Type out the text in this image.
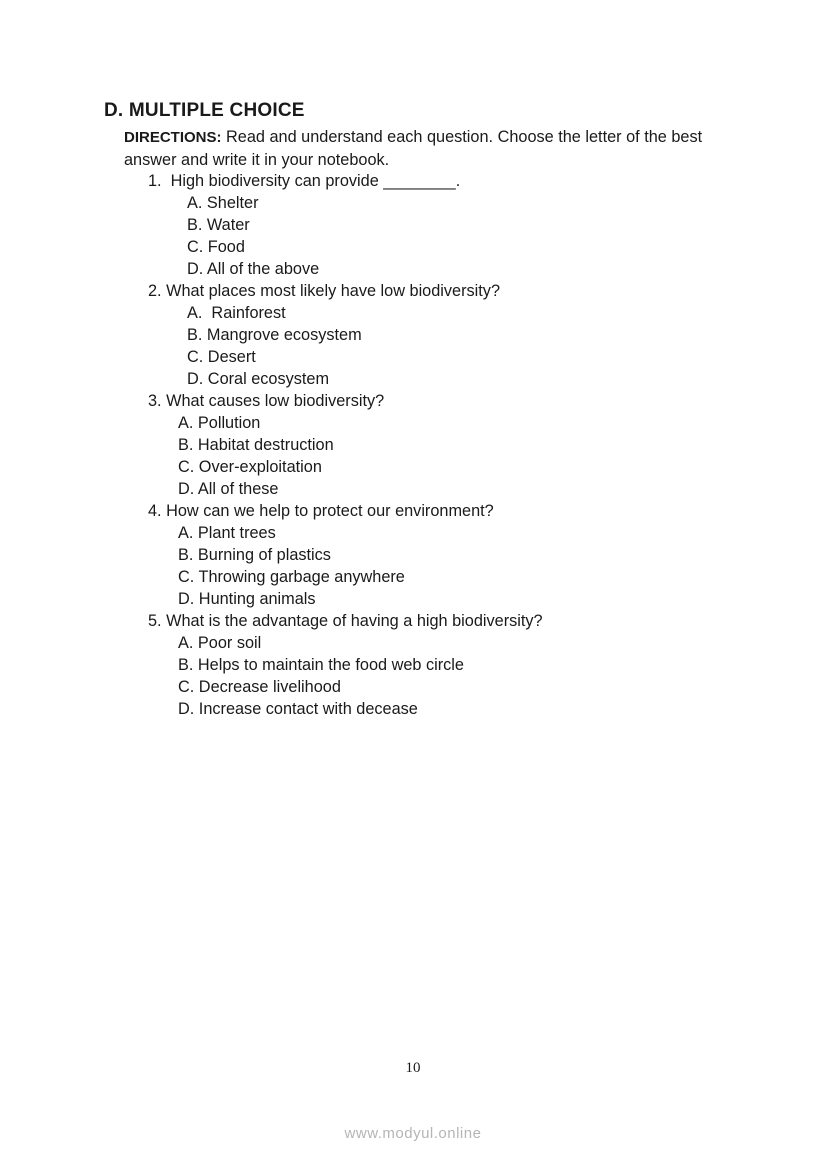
D. MULTIPLE CHOICE
DIRECTIONS: Read and understand each question. Choose the letter of the best answer and write it in your notebook.
1.  High biodiversity can provide ________.
A. Shelter
B. Water
C. Food
D. All of the above
2. What places most likely have low biodiversity?
A.  Rainforest
B. Mangrove ecosystem
C. Desert
D. Coral ecosystem
3. What causes low biodiversity?
A. Pollution
B. Habitat destruction
C. Over-exploitation
D. All of these
4. How can we help to protect our environment?
A. Plant trees
B. Burning of plastics
C. Throwing garbage anywhere
D. Hunting animals
5. What is the advantage of having a high biodiversity?
A. Poor soil
B. Helps to maintain the food web circle
C. Decrease livelihood
D. Increase contact with decease
10
www.modyul.online
